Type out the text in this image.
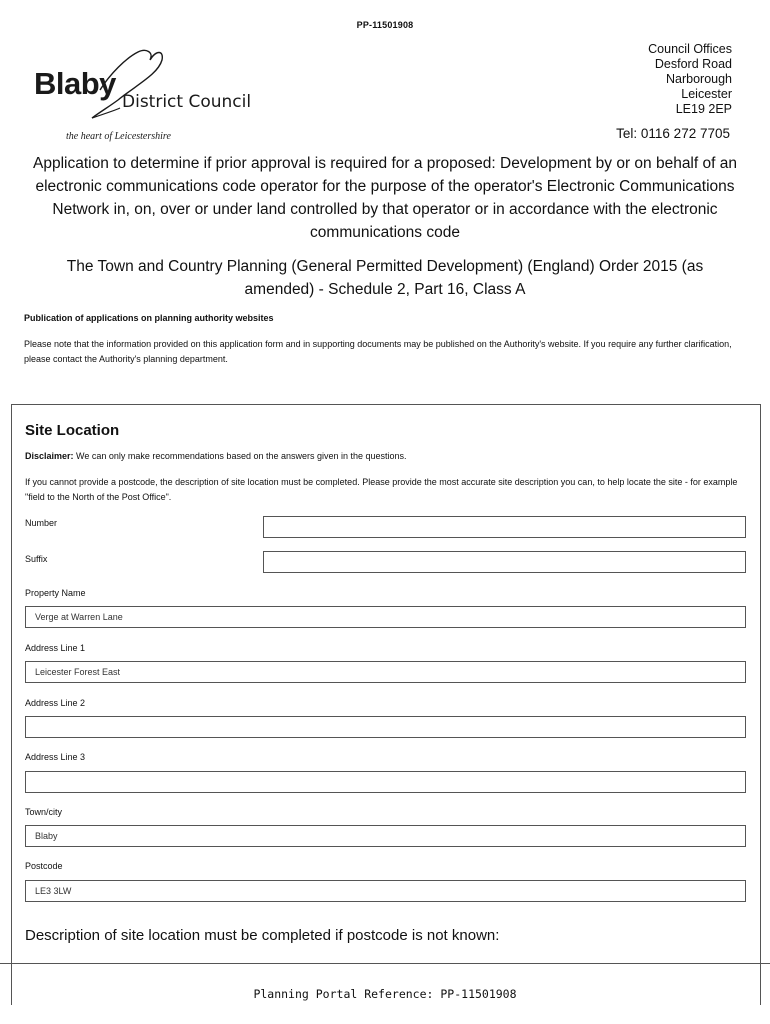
PP-11501908
Blaby
District Council
the heart of Leicestershire
Council Offices
Desford Road
Narborough
Leicester
LE19 2EP
Tel: 0116 272 7705
Application to determine if prior approval is required for a proposed: Development by or on behalf of an electronic communications code operator for the purpose of the operator's Electronic Communications Network in, on, over or under land controlled by that operator or in accordance with the electronic communications code
The Town and Country Planning (General Permitted Development) (England) Order 2015 (as amended) - Schedule 2, Part 16, Class A
Publication of applications on planning authority websites
Please note that the information provided on this application form and in supporting documents may be published on the Authority's website. If you require any further clarification, please contact the Authority's planning department.
Site Location
Disclaimer: We can only make recommendations based on the answers given in the questions.
If you cannot provide a postcode, the description of site location must be completed. Please provide the most accurate site description you can, to help locate the site - for example "field to the North of the Post Office".
Number
Suffix
Property Name
Verge at Warren Lane
Address Line 1
Leicester Forest East
Address Line 2
Address Line 3
Town/city
Blaby
Postcode
LE3 3LW
Description of site location must be completed if postcode is not known:
Planning Portal Reference: PP-11501908
